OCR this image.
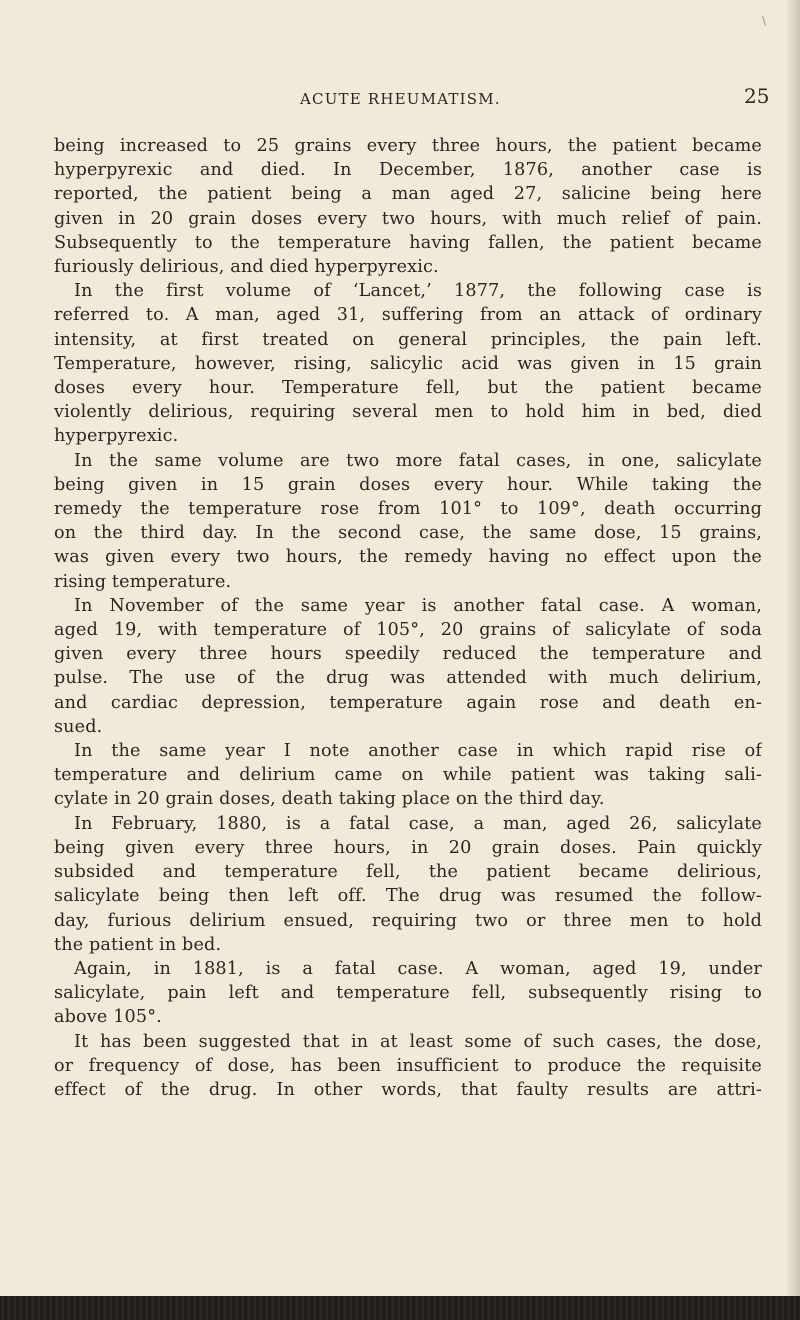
\
ACUTE RHEUMATISM.	25
being increased to 25 grains every three hours, the patient became
hyperpyrexic and died. In December, 1876, another case is
reported, the patient being a man aged 27, salicine being here
given in 20 grain doses every two hours, with much relief of pain.
Subsequently to the temperature having fallen, the patient became
furiously delirious, and died hyperpyrexic.
In the first volume of ‘Lancet,’ 1877, the following case is
referred to. A man, aged 31, suffering from an attack of ordinary
intensity, at first treated on general principles, the pain left.
Temperature, however, rising, salicylic acid was given in 15 grain
doses every hour. Temperature fell, but the patient became
violently delirious, requiring several men to hold him in bed, died
hyperpyrexic.
In the same volume are two more fatal cases, in one, salicylate
being given in 15 grain doses every hour. While taking the
remedy the temperature rose from 101° to 109°, death occurring
on the third day. In the second case, the same dose, 15 grains,
was given every two hours, the remedy having no effect upon the
rising temperature.
In November of the same year is another fatal case. A woman,
aged 19, with temperature of 105°, 20 grains of salicylate of soda
given every three hours speedily reduced the temperature and
pulse. The use of the drug was attended with much delirium,
and cardiac depression, temperature again rose and death en-
sued.
In the same year I note another case in which rapid rise of
temperature and delirium came on while patient was taking sali-
cylate in 20 grain doses, death taking place on the third day.
In February, 1880, is a fatal case, a man, aged 26, salicylate
being given every three hours, in 20 grain doses. Pain quickly
subsided and temperature fell, the patient became delirious,
salicylate being then left off. The drug was resumed the follow-
day, furious delirium ensued, requiring two or three men to hold
the patient in bed.
Again, in 1881, is a fatal case. A woman, aged 19, under
salicylate, pain left and temperature fell, subsequently rising to
above 105°.
It has been suggested that in at least some of such cases, the dose,
or frequency of dose, has been insufficient to produce the requisite
effect of the drug. In other words, that faulty results are attri-
